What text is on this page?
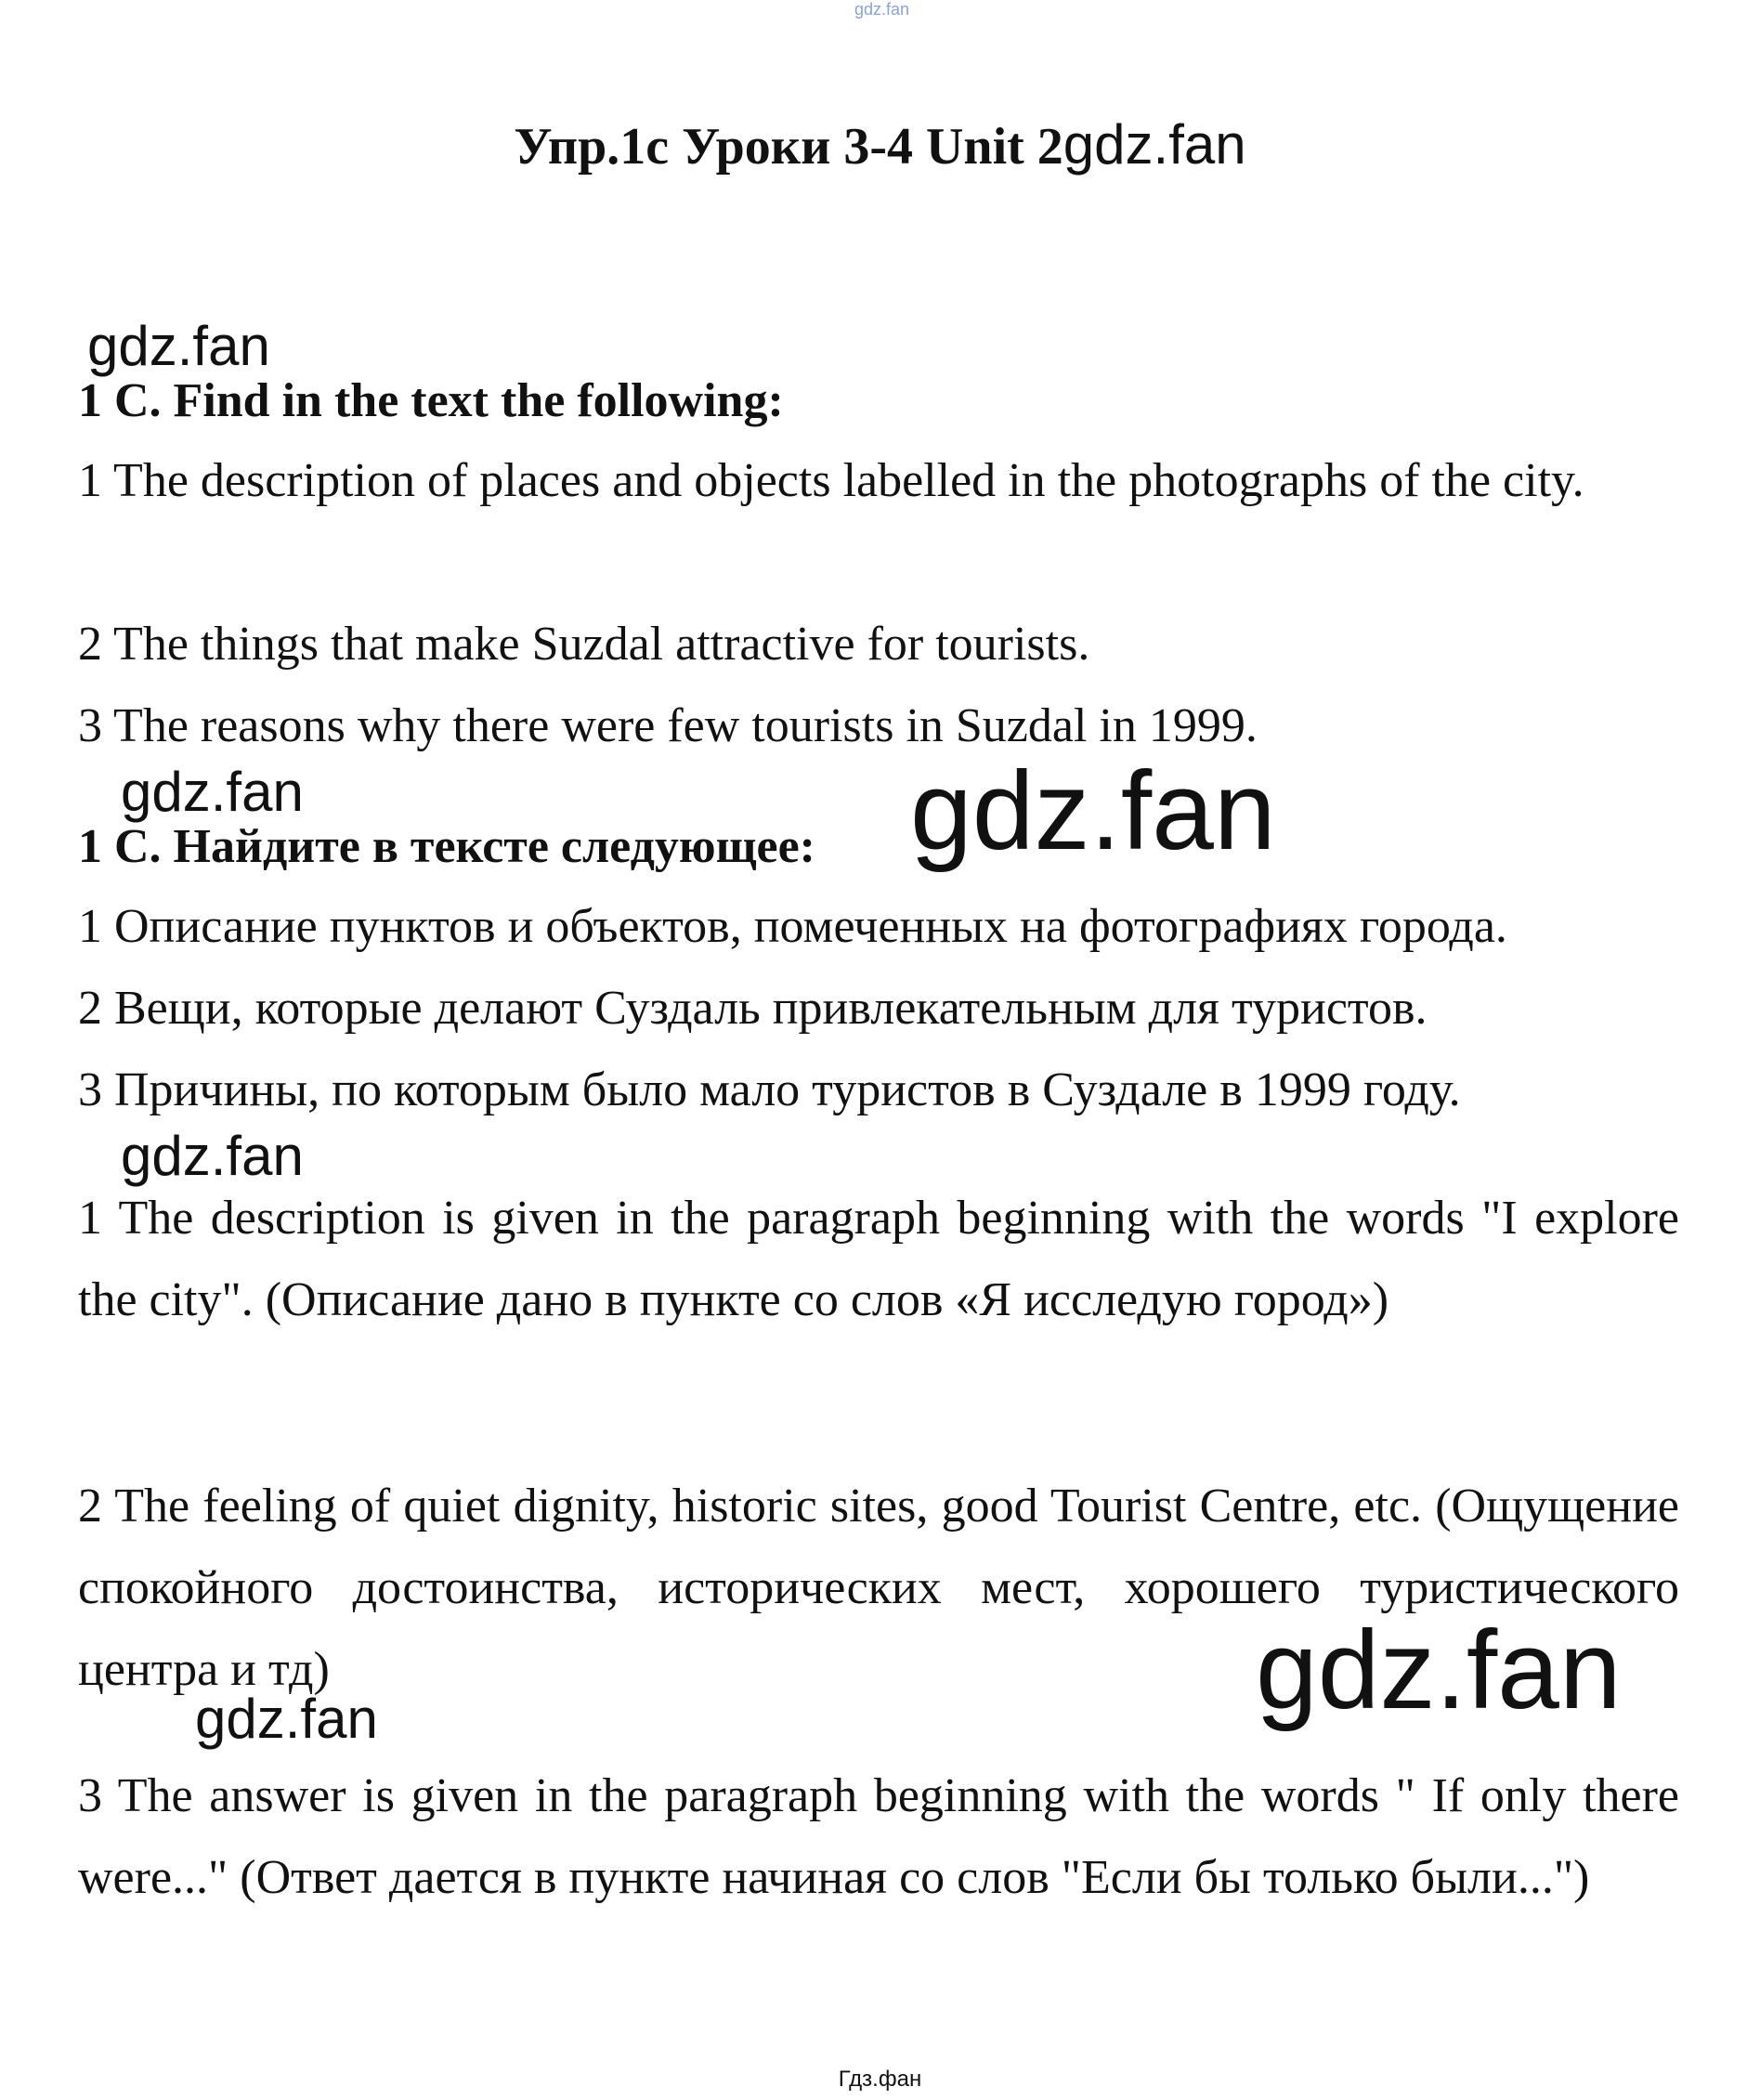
gdz.fan
Упр.1c Уроки 3-4 Unit 2gdz.fan
gdz.fan
gdz.fan	gdz.fan
gdz.fan
gdz.fan
gdz.fan

1 C. Find in the text the following:

1 The description of places and objects labelled in the photographs of the city.

2 The things that make Suzdal attractive for tourists.

3 The reasons why there were few tourists in Suzdal in 1999.

1 C. Найдите в тексте следующее:

1 Описание пунктов и объектов, помеченных на фотографиях города.

2 Вещи, которые делают Суздаль привлекательным для туристов.

3 Причины, по которым было мало туристов в Суздале в 1999 году.

1 The description is given in the paragraph beginning with the words "I explore the city". (Описание дано в пункте со слов «Я исследую город»)

2 The feeling of quiet dignity, historic sites, good Tourist Centre, etc. (Ощущение спокойного достоинства, исторических мест, хорошего туристического центра и тд)

3 The answer is given in the paragraph beginning with the words " If only there were..." (Ответ дается в пункте начиная со слов "Если бы только были...")

Гдз.фан
